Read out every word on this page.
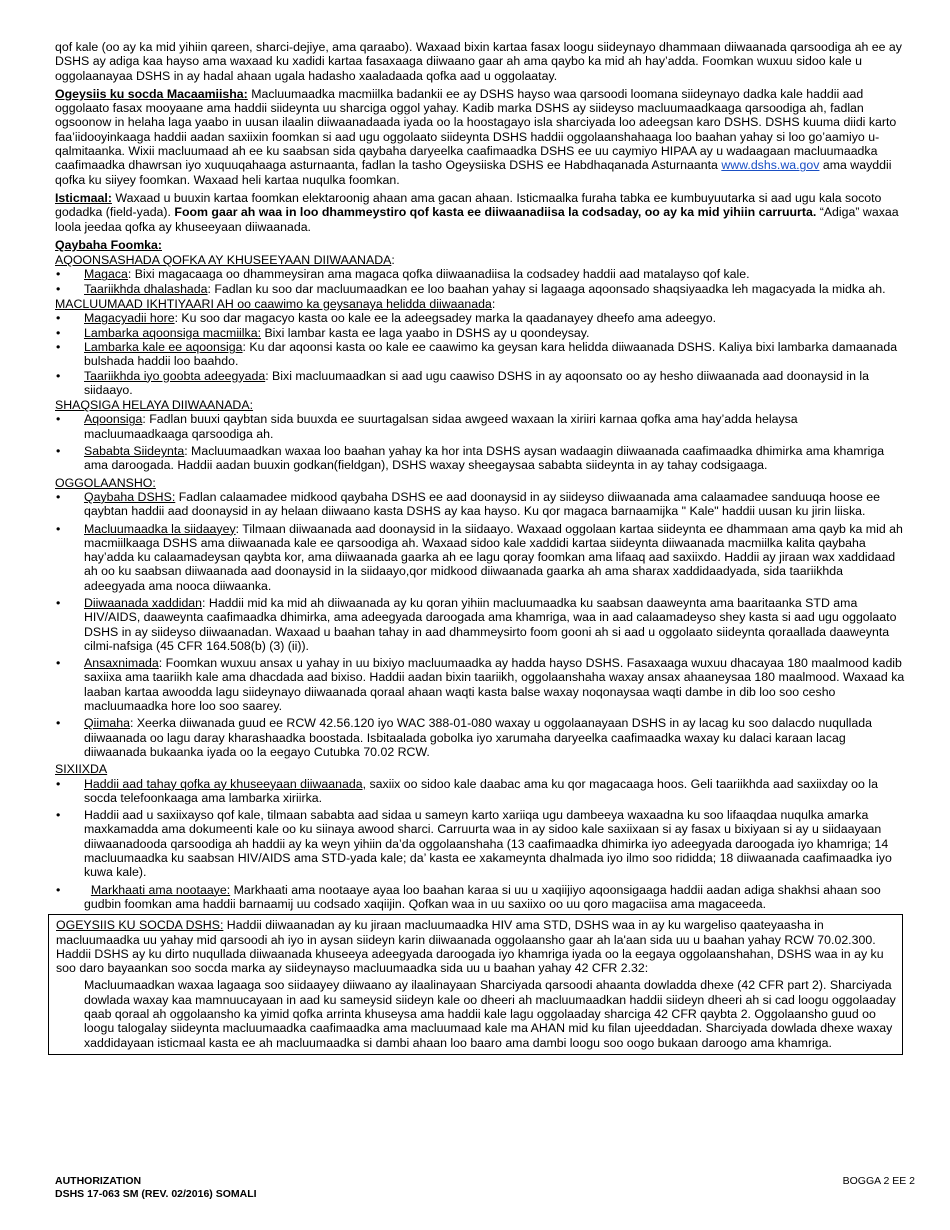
qof kale (oo ay ka mid yihiin qareen, sharci-dejiye, ama qaraabo). Waxaad bixin kartaa fasax loogu siideynayo dhammaan diiwaanada qarsoodiga ah ee ay DSHS ay adiga kaa hayso ama waxaad ku xadidi kartaa fasaxaaga diiwaano gaar ah ama qaybo ka mid ah hay’adda. Foomkan wuxuu sidoo kale u oggolaanayaa DSHS in ay hadal ahaan ugala hadasho xaaladaada qofka aad u oggolaatay.

Ogeysiis ku socda Macaamiisha: Macluumaadka macmiilka badankii ee ay DSHS hayso waa qarsoodi loomana siideynayo dadka kale haddii aad oggolaato fasax mooyaane ama haddii siideynta uu sharciga oggol yahay. Kadib marka DSHS ay siideyso macluumaadkaaga qarsoodiga ah, fadlan ogsoonow in helaha laga yaabo in uusan ilaalin diiwaanadaada iyada oo la hoostagayo isla sharciyada loo adeegsan karo DSHS. DSHS kuuma diidi karto faa’iidooyinkaaga haddii aadan saxiixin foomkan si aad ugu oggolaato siideynta DSHS haddii oggolaanshahaaga loo baahan yahay si loo go’aamiyo u-qalmitaanka. Wixii macluumaad ah ee ku saabsan sida qaybaha daryeelka caafimaadka DSHS ee uu caymiyo HIPAA ay u wadaagaan macluumaadka caafimaadka dhawrsan iyo xuquuqahaaga asturnaanta, fadlan la tasho Ogeysiiska DSHS ee Habdhaqanada Asturnaanta www.dshs.wa.gov ama wayddii qofka ku siiyey foomkan. Waxaad heli kartaa nuqulka foomkan.

Isticmaal: Waxaad u buuxin kartaa foomkan elektaroonig ahaan ama gacan ahaan. Isticmaalka furaha tabka ee kumbuyuutarka si aad ugu kala socoto godadka (field-yada). Foom gaar ah waa in loo dhammeystiro qof kasta ee diiwaanadiisa la codsaday, oo ay ka mid yihiin carruurta. “Adiga” waxaa loola jeedaa qofka ay khuseeyaan diiwaanada.

Qaybaha Foomka:
AQOONSASHADA QOFKA AY KHUSEEYAAN DIIWAANADA:
• Magaca: Bixi magacaaga oo dhammeysiran ama magaca qofka diiwaanadiisa la codsadey haddii aad matalayso qof kale.
• Taariikhda dhalashada: Fadlan ku soo dar macluumaadkan ee loo baahan yahay si lagaaga aqoonsado shaqsiyaadka leh magacyada la midka ah.
MACLUUMAAD IKHTIYAARI AH oo caawimo ka geysanaya helidda diiwaanada:
• Magacyadii hore: Ku soo dar magacyo kasta oo kale ee la adeegsadey marka la qaadanayey dheefo ama adeegyo.
• Lambarka aqoonsiga macmiilka: Bixi lambar kasta ee laga yaabo in DSHS ay u qoondeysay.
• Lambarka kale ee aqoonsiga: Ku dar aqoonsi kasta oo kale ee caawimo ka geysan kara helidda diiwaanada DSHS. Kaliya bixi lambarka damaanada bulshada haddii loo baahdo.
• Taariikhda iyo goobta adeegyada: Bixi macluumaadkan si aad ugu caawiso DSHS in ay aqoonsato oo ay hesho diiwaanada aad doonaysid in la siidaayo.
SHAQSIGA HELAYA DIIWAANADA:
• Aqoonsiga: Fadlan buuxi qaybtan sida buuxda ee suurtagalsan sidaa awgeed waxaan la xiriiri karnaa qofka ama hay’adda helaysa macluumaadkaaga qarsoodiga ah.
• Sababta Siideynta: Macluumaadkan waxaa loo baahan yahay ka hor inta DSHS aysan wadaagin diiwaanada caafimaadka dhimirka ama khamriga ama daroogada. Haddii aadan buuxin godkan(fieldgan), DSHS waxay sheegaysaa sababta siideynta in ay tahay codsigaaga.
OGGOLAANSHO:
• Qaybaha DSHS: Fadlan calaamadee midkood qaybaha DSHS ee aad doonaysid in ay siideyso diiwaanada ama calaamadee sanduuqa hoose ee qaybtan haddii aad doonaysid in ay helaan diiwaano kasta DSHS ay kaa hayso. Ku qor magaca barnaamijka " Kale" haddii uusan ku jirin liiska.
• Macluumaadka la siidaayey: Tilmaan diiwaanada aad doonaysid in la siidaayo. Waxaad oggolaan kartaa siideynta ee dhammaan ama qayb ka mid ah macmiilkaaga DSHS ama diiwaanada kale ee qarsoodiga ah. Waxaad sidoo kale xaddidi kartaa siideynta diiwaanada macmiilka kalita qaybaha hay’adda ku calaamadeysan qaybta kor, ama diiwaanada gaarka ah ee lagu qoray foomkan ama lifaaq aad saxiixdo. Haddii ay jiraan wax xaddidaad ah oo ku saabsan diiwaanada aad doonaysid in la siidaayo,qor midkood diiwaanada gaarka ah ama sharax xaddidaadyada, sida taariikhda adeegyada ama nooca diiwaanka.
• Diiwaanada xaddidan: Haddii mid ka mid ah diiwaanada ay ku qoran yihiin macluumaadka ku saabsan daaweynta ama baaritaanka STD ama HIV/AIDS, daaweynta caafimaadka dhimirka, ama adeegyada daroogada ama khamriga, waa in aad calaamadeyso shey kasta si aad ugu oggolaato DSHS in ay siideyso diiwaanadan. Waxaad u baahan tahay in aad dhammeysirto foom gooni ah si aad u oggolaato siideynta qoraallada daaweynta cilmi-nafsiga (45 CFR 164.508(b) (3) (ii)).
• Ansaxnimada: Foomkan wuxuu ansax u yahay in uu bixiyo macluumaadka ay hadda hayso DSHS. Fasaxaaga wuxuu dhacayaa 180 maalmood kadib saxiixa ama taariikh kale ama dhacdada aad bixiso. Haddii aadan bixin taariikh, oggolaanshaha waxay ansax ahaaneysaa 180 maalmood. Waxaad ka laaban kartaa awoodda lagu siideynayo diiwaanada qoraal ahaan waqti kasta balse waxay noqonaysaa waqti dambe in dib loo soo cesho macluumaadka hore loo soo saarey.
• Qiimaha: Xeerka diiwanada guud ee RCW 42.56.120 iyo WAC 388-01-080 waxay u oggolaanayaan DSHS in ay lacag ku soo dalacdo nuqullada diiwaanada oo lagu daray kharashaadka boostada. Isbitaalada gobolka iyo xarumaha daryeelka caafimaadka waxay ku dalaci karaan lacag diiwaanada bukaanka iyada oo la eegayo Cutubka 70.02 RCW.
SIXIIXDA
• Haddii aad tahay qofka ay khuseeyaan diiwaanada, saxiix oo sidoo kale daabac ama ku qor magacaaga hoos. Geli taariikhda aad saxiixday oo la socda telefoonkaaga ama lambarka xiriirka.
• Haddii aad u saxiixayso qof kale, tilmaan sababta aad sidaa u sameyn karto xariiqa ugu dambeeya waxaadna ku soo lifaaqdaa nuqulka amarka maxkamadda ama dokumeenti kale oo ku siinaya awood sharci. Carruurta waa in ay sidoo kale saxiixaan si ay fasax u bixiyaan si ay u siidaayaan diiwaanadooda qarsoodiga ah haddii ay ka weyn yihiin da’da oggolaanshaha (13 caafimaadka dhimirka iyo adeegyada daroogada iyo khamriga; 14 macluumaadka ku saabsan HIV/AIDS ama STD-yada kale; da’ kasta ee xakameynta dhalmada iyo ilmo soo rididda; 18 diiwaanada caafimaadka iyo kuwa kale).
• Markhaati ama nootaaye: Markhaati ama nootaaye ayaa loo baahan karaa si uu u xaqiijiyo aqoonsigaaga haddii aadan adiga shakhsi ahaan soo gudbin foomkan ama haddii barnaamij uu codsado xaqiijin. Qofkan waa in uu saxiixo oo uu qoro magaciisa ama magaceeda.
OGEYSIIS KU SOCDA DSHS: Haddii diiwaanadan ay ku jiraan macluumaadka HIV ama STD, DSHS waa in ay ku wargeliso qaateyaasha in macluumaadka uu yahay mid qarsoodi ah iyo in aysan siideyn karin diiwaanada oggolaansho gaar ah la'aan sida uu u baahan yahay RCW 70.02.300. Haddii DSHS ay ku dirto nuqullada diiwaanada khuseeya adeegyada daroogada iyo khamriga iyada oo la eegaya oggolaanshahan, DSHS waa in ay ku soo daro bayaankan soo socda marka ay siideynayso macluumaadka sida uu u baahan yahay 42 CFR 2.32:
Macluumaadkan waxaa lagaaga soo siidaayey diiwaano ay ilaalinayaan Sharciyada qarsoodi ahaanta dowladda dhexe (42 CFR part 2). Sharciyada dowlada waxay kaa mamnuucayaan in aad ku sameysid siideyn kale oo dheeri ah macluumaadkan haddii siideyn dheeri ah si cad loogu oggolaaday qaab qoraal ah oggolaansho ka yimid qofka arrinta khuseysa ama haddii kale lagu oggolaaday sharciga 42 CFR qaybta 2. Oggolaansho guud oo loogu talogalay siideynta macluumaadka caafimaadka ama macluumaad kale ma AHAN mid ku filan ujeeddadan. Sharciyada dowlada dhexe waxay xaddidayaan isticmaal kasta ee ah macluumaadka si dambi ahaan loo baaro ama dambi loogu soo oogo bukaan daroogo ama khamriga.
AUTHORIZATION
DSHS 17-063 SM (REV. 02/2016) SOMALI
BOGGA 2 EE 2
